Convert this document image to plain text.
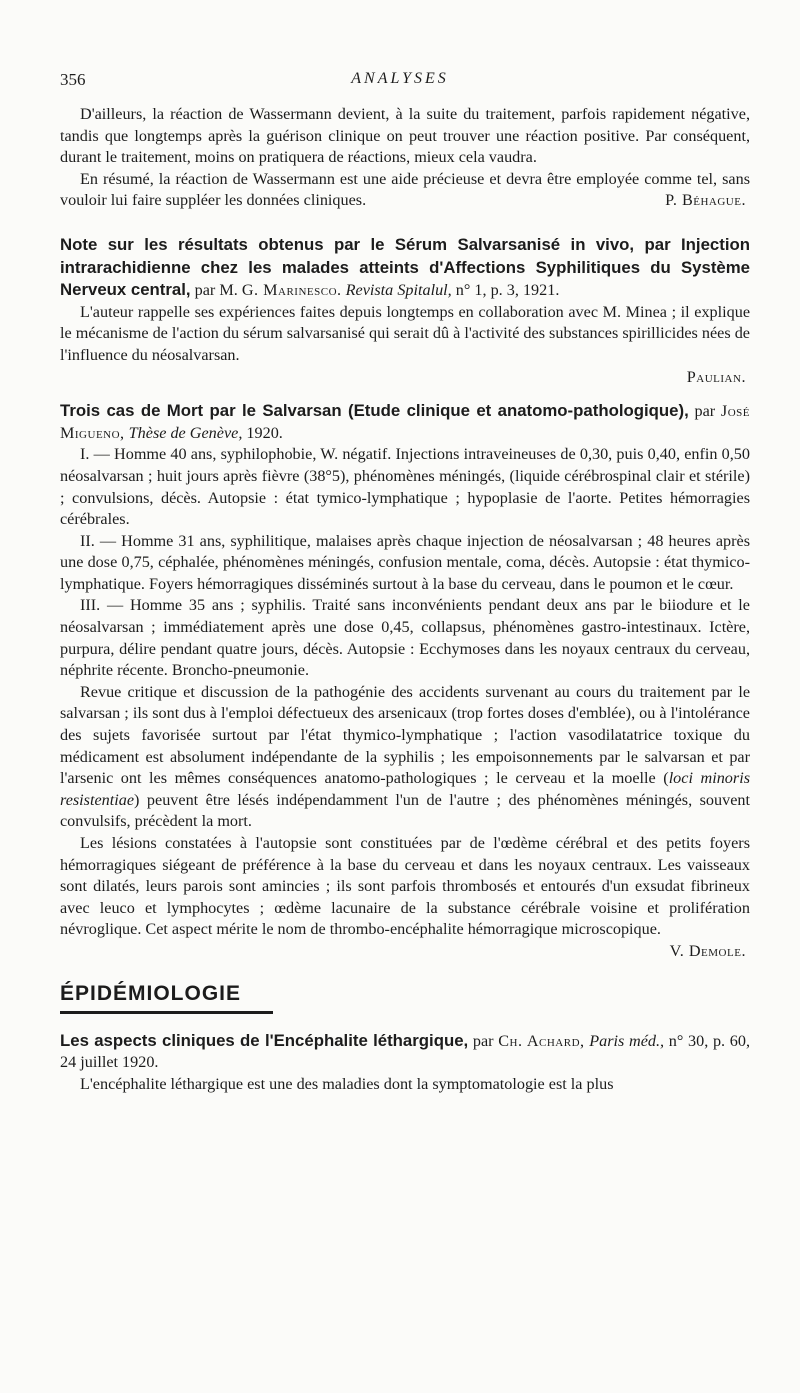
356	ANALYSES

D'ailleurs, la réaction de Wassermann devient, à la suite du traitement, parfois rapidement négative, tandis que longtemps après la guérison clinique on peut trouver une réaction positive. Par conséquent, durant le traitement, moins on pratiquera de réactions, mieux cela vaudra.

En résumé, la réaction de Wassermann est une aide précieuse et devra être employée comme tel, sans vouloir lui faire suppléer les données cliniques.	P. Béhague.

Note sur les résultats obtenus par le Sérum Salvarsanisé in vivo, par Injection intrarachidienne chez les malades atteints d'Affections Syphilitiques du Système Nerveux central, par M. G. Marinesco. Revista Spitalul, n° 1, p. 3, 1921.

L'auteur rappelle ses expériences faites depuis longtemps en collaboration avec M. Minea ; il explique le mécanisme de l'action du sérum salvarsanisé qui serait dû à l'activité des substances spirillicides nées de l'influence du néosalvarsan.

Paulian.

Trois cas de Mort par le Salvarsan (Etude clinique et anatomo-pathologique), par José Migueno, Thèse de Genève, 1920.

I. — Homme 40 ans, syphilophobie, W. négatif. Injections intraveineuses de 0,30, puis 0,40, enfin 0,50 néosalvarsan ; huit jours après fièvre (38°5), phénomènes méningés, (liquide cérébrospinal clair et stérile) ; convulsions, décès. Autopsie : état tymico-lymphatique ; hypoplasie de l'aorte. Petites hémorragies cérébrales.

II. — Homme 31 ans, syphilitique, malaises après chaque injection de néosalvarsan ; 48 heures après une dose 0,75, céphalée, phénomènes méningés, confusion mentale, coma, décès. Autopsie : état thymico-lymphatique. Foyers hémorragiques disséminés surtout à la base du cerveau, dans le poumon et le cœur.

III. — Homme 35 ans ; syphilis. Traité sans inconvénients pendant deux ans par le biiodure et le néosalvarsan ; immédiatement après une dose 0,45, collapsus, phénomènes gastro-intestinaux. Ictère, purpura, délire pendant quatre jours, décès. Autopsie : Ecchymoses dans les noyaux centraux du cerveau, néphrite récente. Broncho-pneumonie.

Revue critique et discussion de la pathogénie des accidents survenant au cours du traitement par le salvarsan ; ils sont dus à l'emploi défectueux des arsenicaux (trop fortes doses d'emblée), ou à l'intolérance des sujets favorisée surtout par l'état thymico-lymphatique ; l'action vasodilatatrice toxique du médicament est absolument indépendante de la syphilis ; les empoisonnements par le salvarsan et par l'arsenic ont les mêmes conséquences anatomo-pathologiques ; le cerveau et la moelle (loci minoris resistentiae) peuvent être lésés indépendamment l'un de l'autre ; des phénomènes méningés, souvent convulsifs, précèdent la mort.

Les lésions constatées à l'autopsie sont constituées par de l'œdème cérébral et des petits foyers hémorragiques siégeant de préférence à la base du cerveau et dans les noyaux centraux. Les vaisseaux sont dilatés, leurs parois sont amincies ; ils sont parfois thrombosés et entourés d'un exsudat fibrineux avec leuco et lymphocytes ; œdème lacunaire de la substance cérébrale voisine et prolifération névroglique. Cet aspect mérite le nom de thrombo-encéphalite hémorragique microscopique.

V. Demole.
ÉPIDÉMIOLOGIE

Les aspects cliniques de l'Encéphalite léthargique, par Ch. Achard, Paris méd., n° 30, p. 60, 24 juillet 1920.

L'encéphalite léthargique est une des maladies dont la symptomatologie est la plus
